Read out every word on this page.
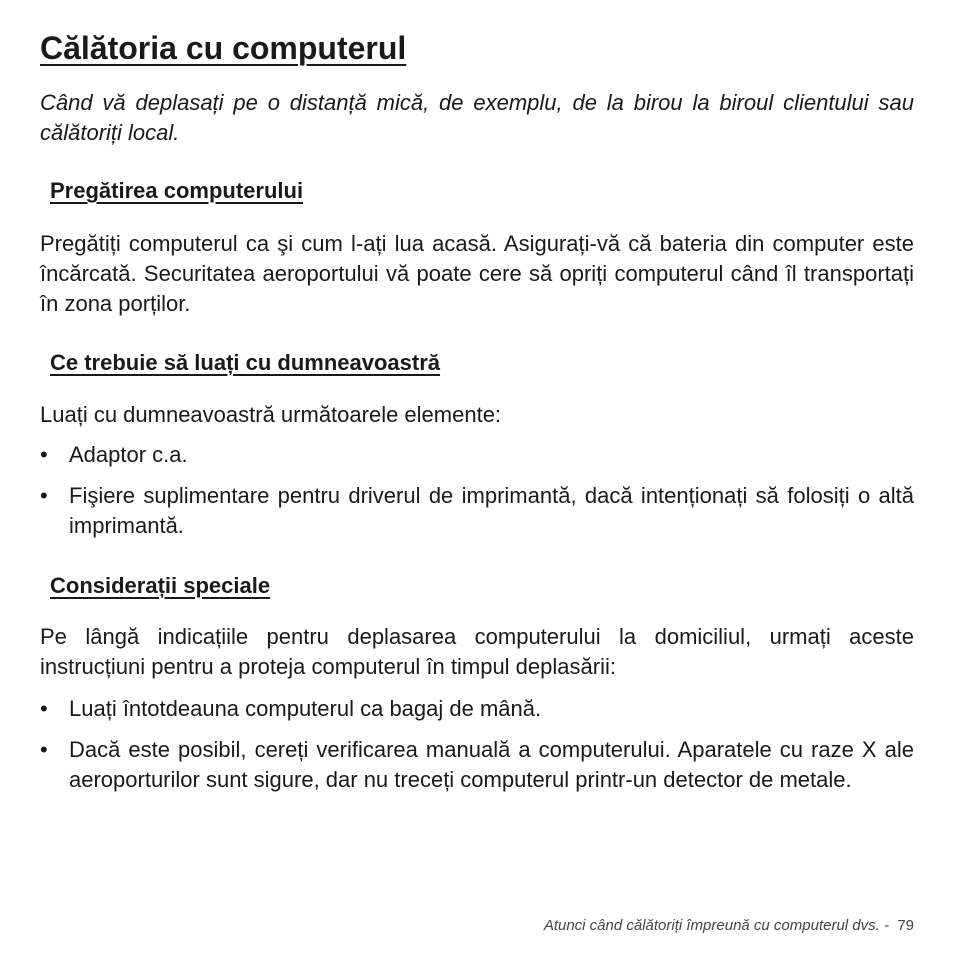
Călătoria cu computerul

Când vă deplasați pe o distanță mică, de exemplu, de la birou la biroul clientului sau călătoriți local.

Pregătirea computerului

Pregătiți computerul ca şi cum l-ați lua acasă. Asigurați-vă că bateria din computer este încărcată. Securitatea aeroportului vă poate cere să opriți computerul când îl transportați în zona porților.

Ce trebuie să luați cu dumneavoastră

Luați cu dumneavoastră următoarele elemente:

• Adaptor c.a.
• Fişiere suplimentare pentru driverul de imprimantă, dacă intenționați să folosiți o altă imprimantă.
Considerații speciale

Pe lângă indicațiile pentru deplasarea computerului la domiciliul, urmați aceste instrucțiuni pentru a proteja computerul în timpul deplasării:

• Luați întotdeauna computerul ca bagaj de mână.
• Dacă este posibil, cereți verificarea manuală a computerului. Aparatele cu raze X ale aeroporturilor sunt sigure, dar nu treceți computerul printr-un detector de metale.
Atunci când călătoriți împreună cu computerul dvs. -  79
